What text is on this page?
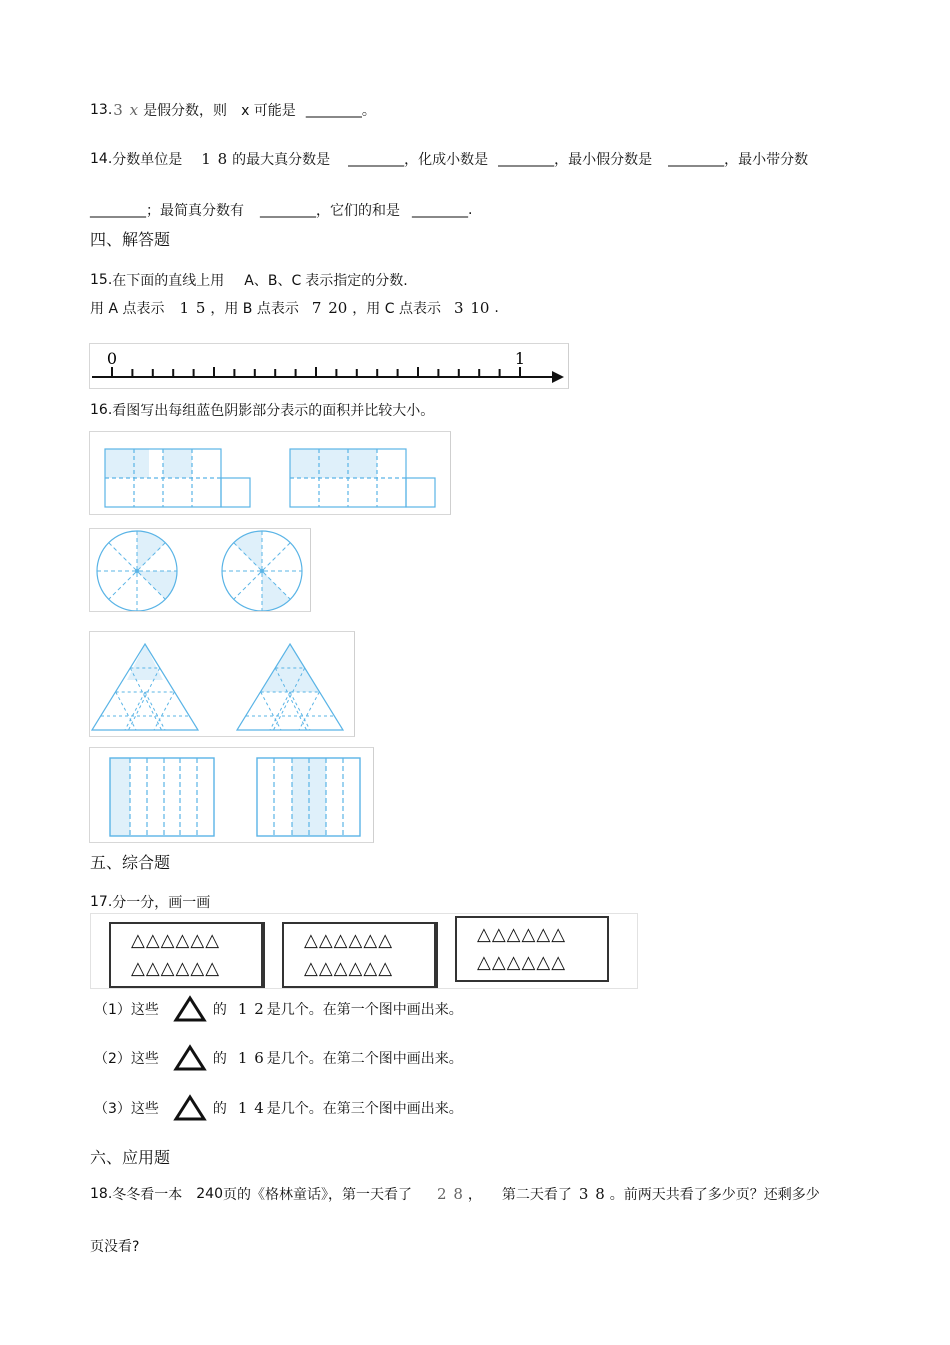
13. 3 x 是假分数，则 x 可能是 ________ 。
14. 分数单位是 1 8 的最大真分数是 ________ ，化成小数是 ________ ，最小假分数是 ________ ，最小带分数
________ ；最简真分数有 ________ ，它们的和是 ________ .
四、解答题
15. 在下面的直线上用 A、B、C 表示指定的分数.
用 A 点表示 1 5 ，用 B 点表示 7 20 ，用 C 点表示 3 10 .
0	1
16. 看图写出每组蓝色阴影部分表示的面积并比较大小。
五、综合题
17. 分一分，画一画
△△△△△△
△△△△△△
△△△△△△
△△△△△△
△△△△△△
△△△△△△
（1）这些	的 1 2 是几个。在第一个图中画出来。
（2）这些	的 1 6 是几个。在第二个图中画出来。
（3）这些	的 1 4 是几个。在第三个图中画出来。
六、应用题
18. 冬冬看一本 240 页的《格林童话》，第一天看了 2 8 ， 第二天看了 3 8 。前两天共看了多少页？还剩多少
页没看?
